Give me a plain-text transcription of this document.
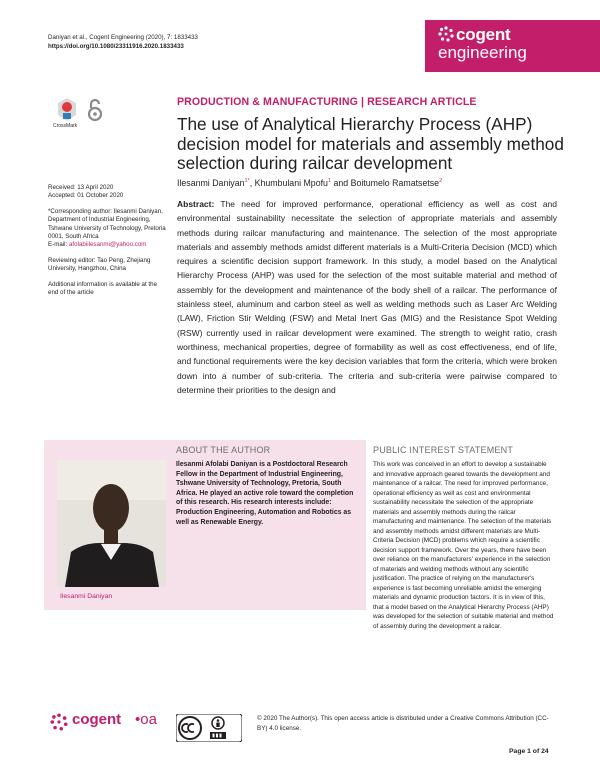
Daniyan et al., Cogent Engineering (2020), 7: 1833433
https://doi.org/10.1080/23311916.2020.1833433
cogent
engineering
CrossMark

Received: 13 April 2020
Accepted: 01 October 2020

*Corresponding author: Ilesanmi Daniyan, Department of Industrial Engineering, Tshwane University of Technology, Pretoria 0001, South Africa
E-mail: afolabiilesanmi@yahoo.com

Reviewing editor: Tao Peng, Zhejiang University, Hangzhou, China

Additional information is available at the end of the article

PRODUCTION & MANUFACTURING | RESEARCH ARTICLE
The use of Analytical Hierarchy Process (AHP) decision model for materials and assembly method selection during railcar development
Ilesanmi Daniyan$^{1*}$, Khumbulani Mpofu$^1$ and Boitumelo Ramatsetse$^2$
Abstract: The need for improved performance, operational efficiency as well as cost and environmental sustainability necessitate the selection of appropriate materials and assembly methods during railcar manufacturing and maintenance. The selection of the most appropriate materials and assembly methods amidst different materials is a Multi-Criteria Decision (MCD) which requires a scientific decision support framework. In this study, a model based on the Analytical Hierarchy Process (AHP) was used for the selection of the most suitable material and method of assembly for the development and maintenance of the body shell of a railcar. The performance of stainless steel, aluminum and carbon steel as well as welding methods such as Laser Arc Welding (LAW), Friction Stir Welding (FSW) and Metal Inert Gas (MIG) and the Resistance Spot Welding (RSW) currently used in railcar development were examined. The strength to weight ratio, crash worthiness, mechanical properties, degree of formability as well as cost effectiveness, end of life, and functional requirements were the key decision variables that form the criteria, which were broken down into a number of sub-criteria. The criteria and sub-criteria were pairwise compared to determine their priorities to the design and
Ilesanmi Daniyan
ABOUT THE AUTHOR
Ilesanmi Afolabi Daniyan is a Postdoctoral Research Fellow in the Department of Industrial Engineering, Tshwane University of Technology, Pretoria, South Africa. He played an active role toward the completion of this research. His research interests include: Production Engineering, Automation and Robotics as well as Renewable Energy.
PUBLIC INTEREST STATEMENT
This work was conceived in an effort to develop a sustainable and innovative approach geared towards the development and maintenance of a railcar. The need for improved performance, operational efficiency as well as cost and environmental sustainability necessitate the selection of the appropriate materials and assembly methods during the railcar manufacturing and maintenance. The selection of the materials and assembly methods amidst different materials are Multi-Criteria Decision (MCD) problems which require a scientific decision support framework. Over the years, there have been over reliance on the manufacturers' experience in the selection of materials and welding methods without any scientific justification. The practice of relying on the manufacturer's experience is fast becoming unreliable amidst the emerging materials and dynamic production factors. It is in view of this, that a model based on the Analytical Hierarchy Process (AHP) was developed for the selection of suitable material and method of assembly during the development a railcar.
cogent •oa	© 2020 The Author(s). This open access article is distributed under a Creative Commons Attribution (CC-BY) 4.0 license.
Page 1 of 24
